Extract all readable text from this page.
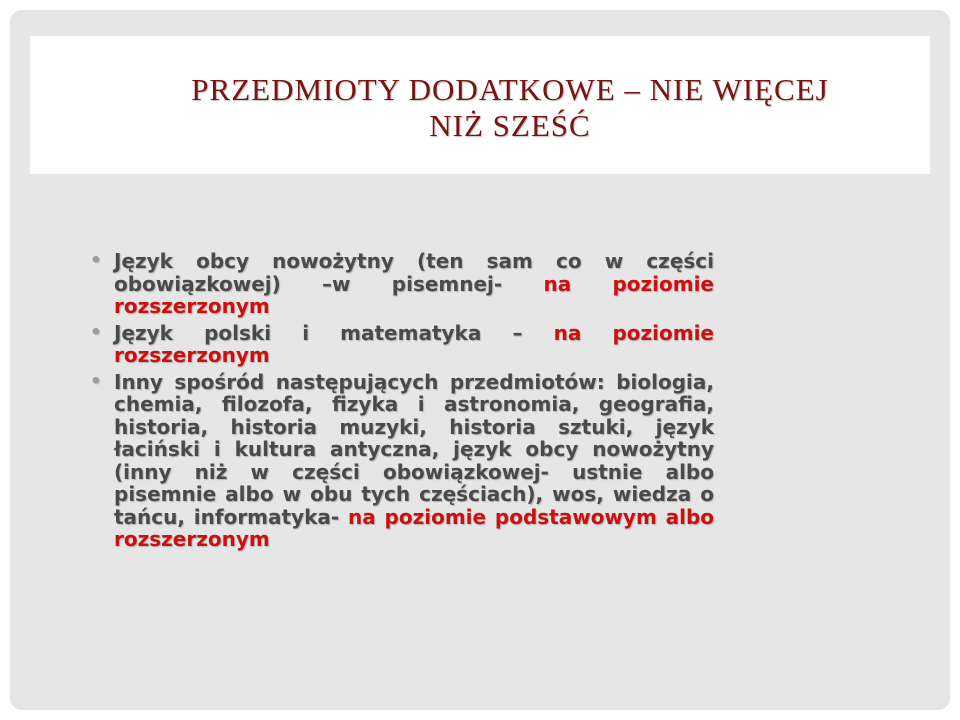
PRZEDMIOTY DODATKOWE – NIE WIĘCEJ
NIŻ SZEŚĆ
• Język obcy nowożytny (ten sam co w części obowiązkowej) –w pisemnej- na poziomie rozszerzonym
• Język polski i matematyka – na poziomie rozszerzonym
• Inny spośród następujących przedmiotów: biologia, chemia, filozofa, fizyka i astronomia, geografia, historia, historia muzyki, historia sztuki, język łaciński i kultura antyczna, język obcy nowożytny (inny niż w części obowiązkowej- ustnie albo pisemnie albo w obu tych częściach), wos, wiedza o tańcu, informatyka- na poziomie podstawowym albo rozszerzonym
